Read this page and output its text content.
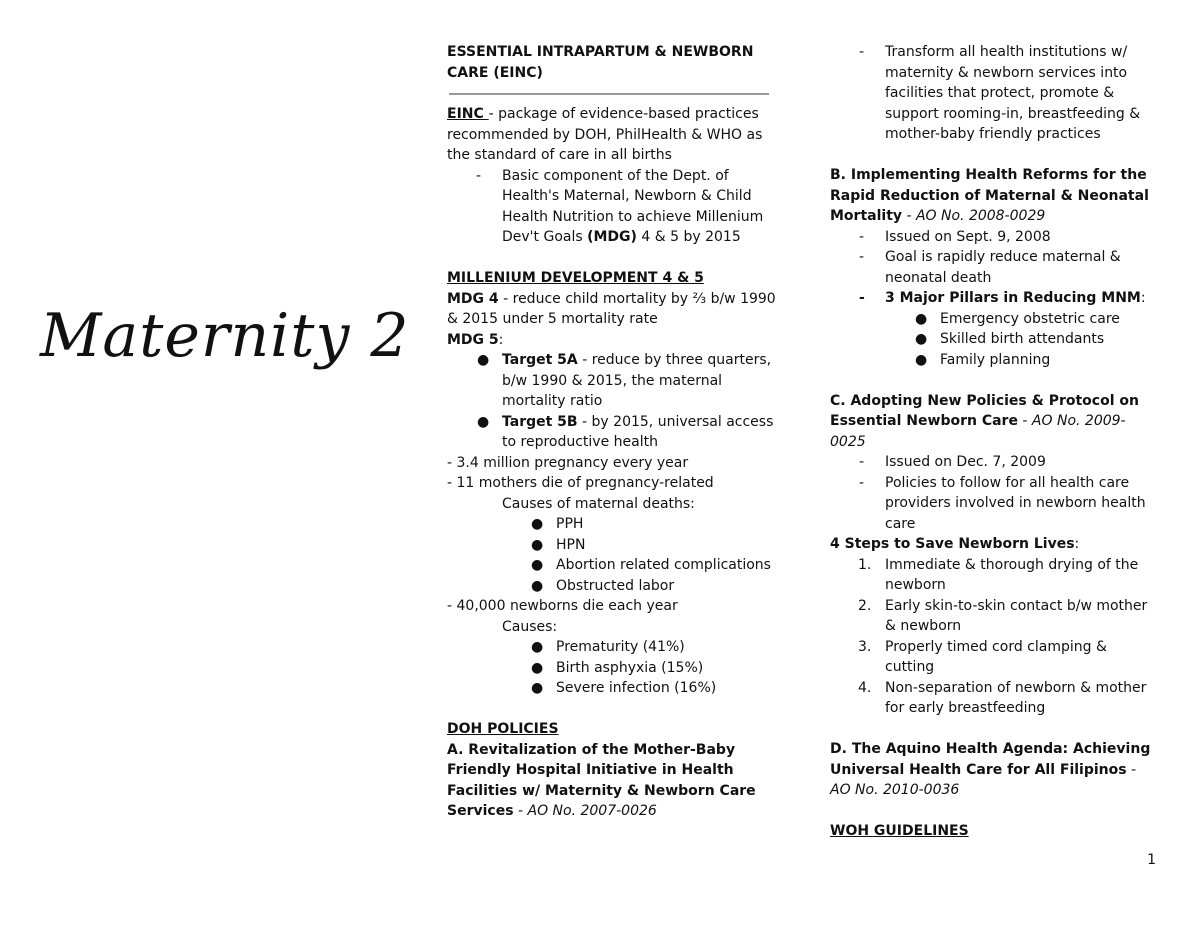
Maternity 2

ESSENTIAL INTRAPARTUM & NEWBORN CARE (EINC)

EINC - package of evidence-based practices recommended by DOH, PhilHealth & WHO as the standard of care in all births

- Basic component of the Dept. of Health's Maternal, Newborn & Child Health Nutrition to achieve Millenium Dev't Goals (MDG) 4 & 5 by 2015

MILLENIUM DEVELOPMENT 4 & 5

MDG 4 - reduce child mortality by ⅔ b/w 1990 & 2015 under 5 mortality rate

MDG 5:

● Target 5A - reduce by three quarters, b/w 1990 & 2015, the maternal mortality ratio

● Target 5B - by 2015, universal access to reproductive health

- 3.4 million pregnancy every year

- 11 mothers die of pregnancy-related

Causes of maternal deaths:

● PPH

● HPN

● Abortion related complications

● Obstructed labor

- 40,000 newborns die each year

Causes:

● Prematurity (41%)

● Birth asphyxia (15%)

● Severe infection (16%)

DOH POLICIES

A. Revitalization of the Mother-Baby Friendly Hospital Initiative in Health Facilities w/ Maternity & Newborn Care Services - AO No. 2007-0026

- Transform all health institutions w/ maternity & newborn services into facilities that protect, promote & support rooming-in, breastfeeding & mother-baby friendly practices

B. Implementing Health Reforms for the Rapid Reduction of Maternal & Neonatal Mortality - AO No. 2008-0029

- Issued on Sept. 9, 2008

- Goal is rapidly reduce maternal & neonatal death

- 3 Major Pillars in Reducing MNM:

● Emergency obstetric care

● Skilled birth attendants

● Family planning

C. Adopting New Policies & Protocol on Essential Newborn Care - AO No. 2009-0025

- Issued on Dec. 7, 2009

- Policies to follow for all health care providers involved in newborn health care

4 Steps to Save Newborn Lives:

1. Immediate & thorough drying of the newborn

2. Early skin-to-skin contact b/w mother & newborn

3. Properly timed cord clamping & cutting

4. Non-separation of newborn & mother for early breastfeeding

D. The Aquino Health Agenda: Achieving Universal Health Care for All Filipinos - AO No. 2010-0036

WOH GUIDELINES

1
